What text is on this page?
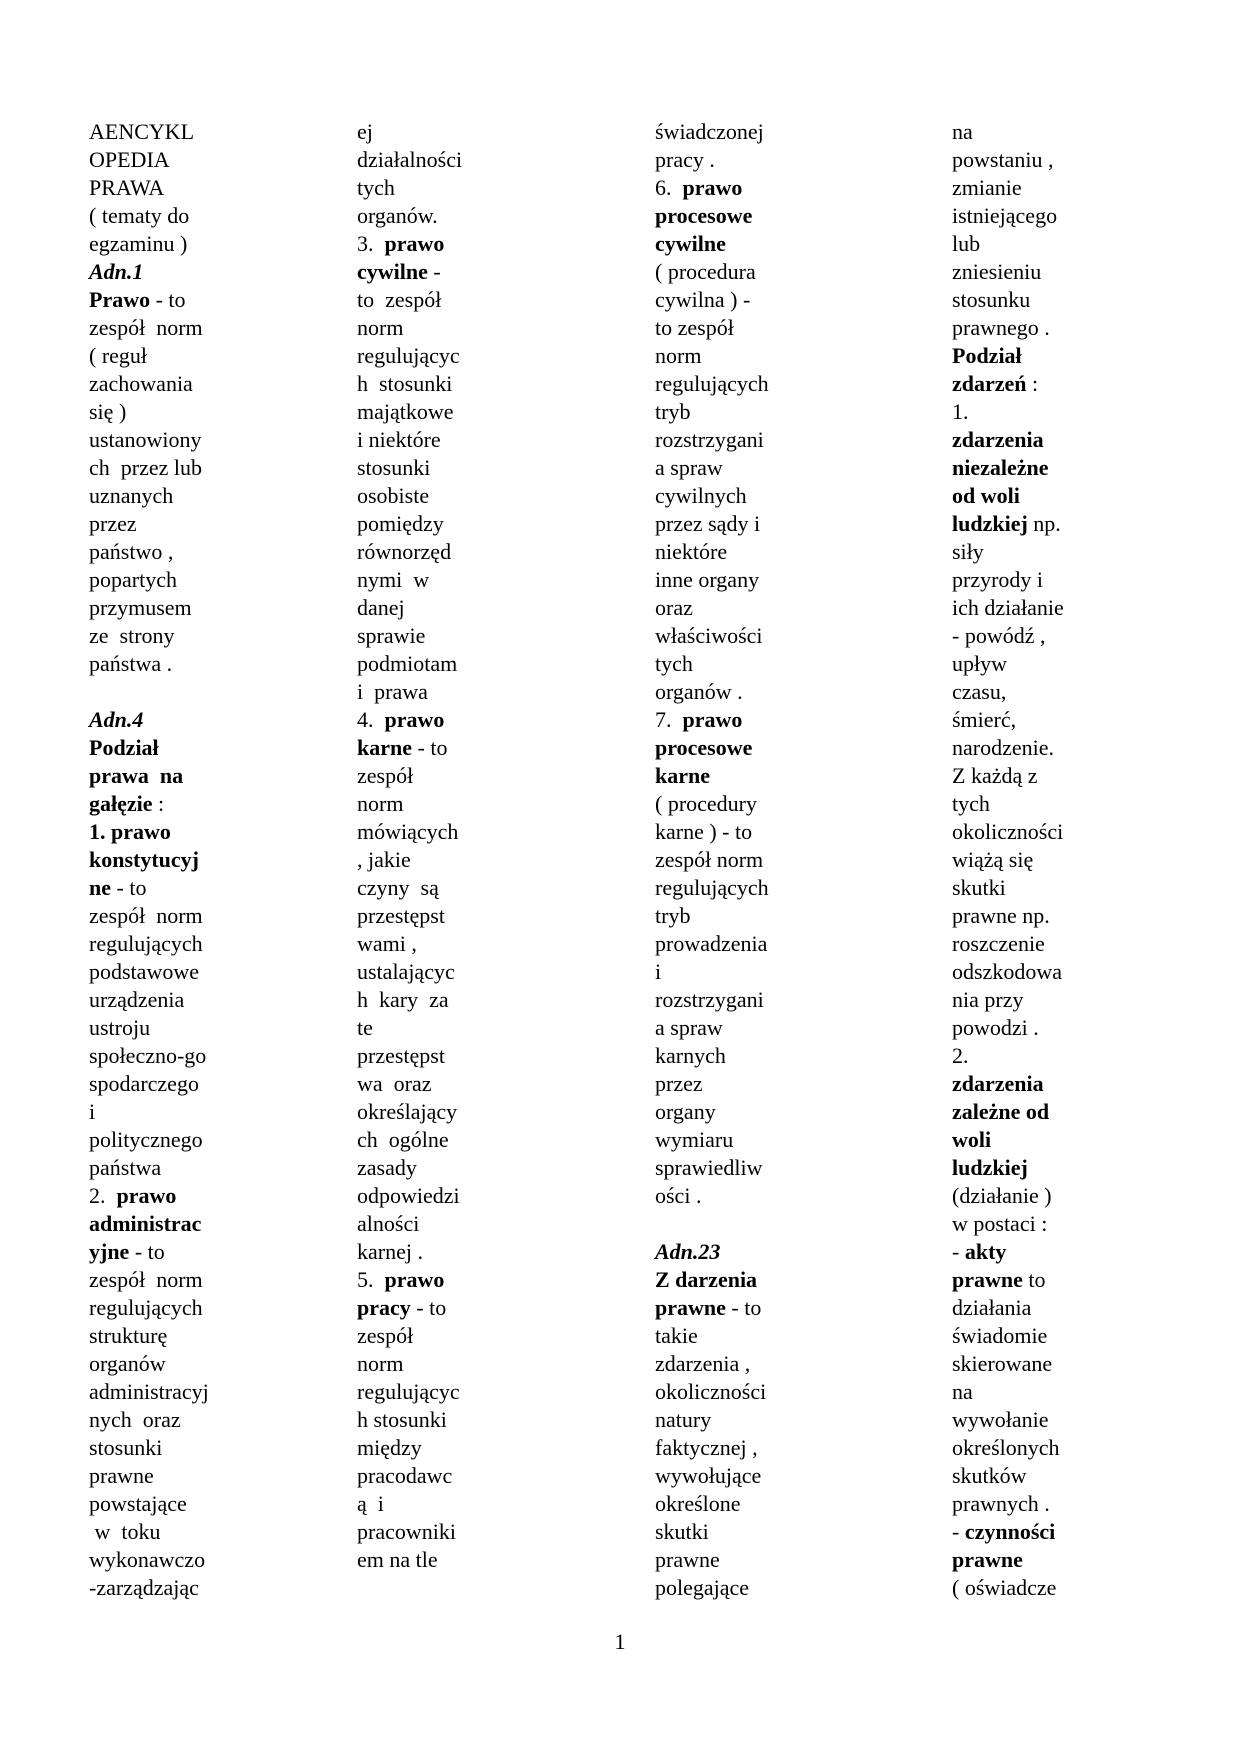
AENCYKL
OPEDIA
PRAWA
( tematy do
egzaminu )
Adn.1
Prawo - to
zespół  norm
( reguł
zachowania
się )
ustanowiony
ch  przez lub
uznanych
przez
państwo ,
popartych
przymusem
ze  strony
państwa .
Adn.4
Podział
prawa  na
gałęzie :
1. prawo
konstytucyj
ne - to
zespół  norm
regulujących
podstawowe
urządzenia
ustroju
społeczno-go
spodarczego
i
politycznego
państwa
2.  prawo
administrac
yjne - to
zespół  norm
regulujących
strukturę
organów
administracyj
nych  oraz
stosunki
prawne
powstające
w  toku
wykonawczo
-zarządzając
ej
działalności
tych
organów.
3.  prawo
cywilne -
to  zespół
norm
regulującyc
h  stosunki
majątkowe
i niektóre
stosunki
osobiste
pomiędzy
równorzęd
nymi  w
danej
sprawie
podmiotam
i  prawa
4.  prawo
karne - to
zespół
norm
mówiących
, jakie
czyny  są
przestępst
wami ,
ustalającyc
h  kary  za
te
przestępst
wa  oraz
określający
ch  ogólne
zasady
odpowiedzi
alności
karnej .
5.  prawo
pracy - to
zespół
norm
regulującyc
h stosunki
między
pracodawc
ą  i
pracowniki
em na tle
świadczonej
pracy .
6.  prawo
procesowe
cywilne
( procedura
cywilna ) -
to zespół
norm
regulujących
tryb
rozstrzygani
a spraw
cywilnych
przez sądy i
niektóre
inne organy
oraz
właściwości
tych
organów .
7.  prawo
procesowe
karne
( procedury
karne ) - to
zespół norm
regulujących
tryb
prowadzenia
i
rozstrzygani
a spraw
karnych
przez
organy
wymiaru
sprawiedliw
ości .
Adn.23
Z darzenia
prawne - to
takie
zdarzenia ,
okoliczności
natury
faktycznej ,
wywołujące
określone
skutki
prawne
polegające
na
powstaniu ,
zmianie
istniejącego
lub
zniesieniu
stosunku
prawnego .
Podział
zdarzeń :
1.
zdarzenia
niezależne
od woli
ludzkiej np.
siły
przyrody i
ich działanie
- powódź ,
upływ
czasu,
śmierć,
narodzenie.
Z każdą z
tych
okoliczności
wiążą się
skutki
prawne np.
roszczenie
odszkodowa
nia przy
powodzi .
2.
zdarzenia
zależne od
woli
ludzkiej
(działanie )
w postaci :
- akty
prawne to
działania
świadomie
skierowane
na
wywołanie
określonych
skutków
prawnych .
- czynności
prawne
( oświadcze
1
